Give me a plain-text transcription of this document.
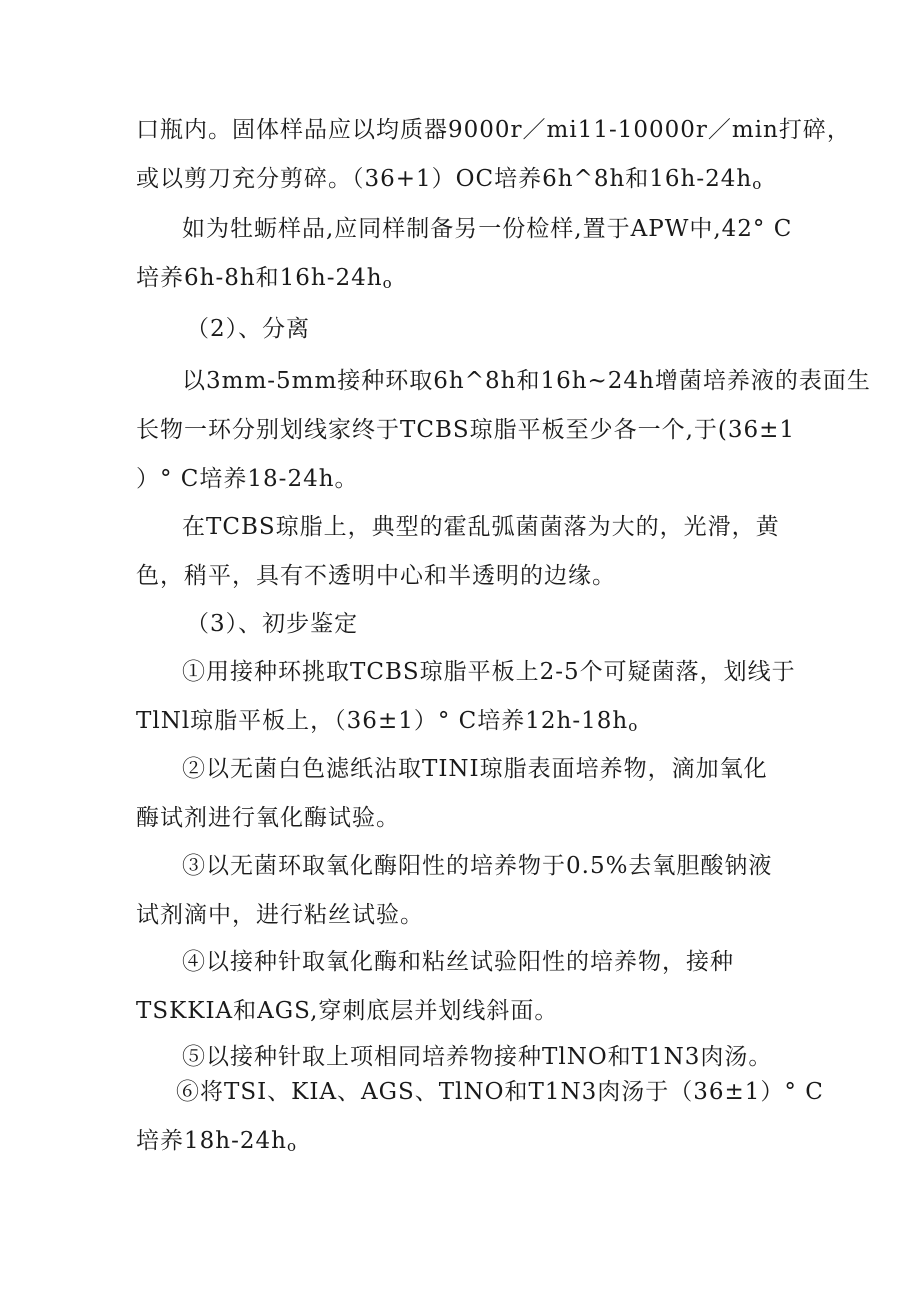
口瓶内。固体样品应以均质器9000r／mi11-10000r／min打碎，
或以剪刀充分剪碎。（36+1）OC培养6h^8h和$16h-24h_o$
如为牡蛎样品,应同样制备另一份检样,置于APW中,42° C
培养6h-8h和$16h-24h_o$
（2）、分离
以3mm-5mm接种环取6h^8h和16h~24h增菌培养液的表面生
长物一环分别划线家终于TCBS琼脂平板至少各一个,于(36±1
）° C培养18-24h。
在TCBS琼脂上，典型的霍乱弧菌菌落为大的，光滑，黄
色，稍平，具有不透明中心和半透明的边缘。
（3）、初步鉴定
①用接种环挑取TCBS琼脂平板上2-5个可疑菌落，划线于
TlNl琼脂平板上，（36±1）° C培养$12h-18h_o$
②以无菌白色滤纸沾取TINI琼脂表面培养物，滴加氧化
酶试剂进行氧化酶试验。
③以无菌环取氧化酶阳性的培养物于0.5%去氧胆酸钠液
试剂滴中，进行粘丝试验。
④以接种针取氧化酶和粘丝试验阳性的培养物，接种
TSKKIA和AGS,穿刺底层并划线斜面。
⑤以接种针取上项相同培养物接种TlNO和T1N3肉汤。
⑥将TSI、KIA、AGS、TlNO和T1N3肉汤于（36±1）° C
培养$18h-24h_o$
